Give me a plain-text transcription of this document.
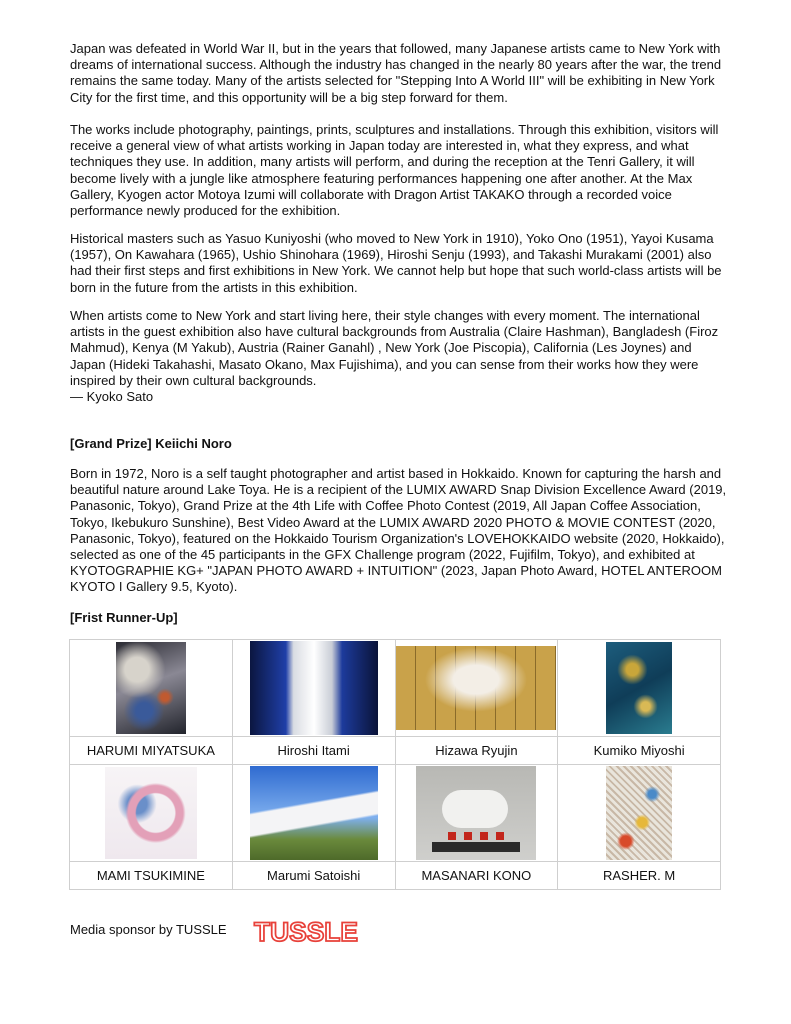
Japan was defeated in World War II, but in the years that followed, many Japanese artists came to New York with dreams of international success. Although the industry has changed in the nearly 80 years after the war, the trend remains the same today. Many of the artists selected for "Stepping Into A World III" will be exhibiting in New York City for the first time, and this opportunity will be a big step forward for them.

The works include photography, paintings, prints, sculptures and installations. Through this exhibition, visitors will receive a general view of what artists working in Japan today are interested in, what they express, and what techniques they use. In addition, many artists will perform, and during the reception at the Tenri Gallery, it will become lively with a jungle like atmosphere featuring performances happening one after another. At the Max Gallery, Kyogen actor Motoya Izumi will collaborate with Dragon Artist TAKAKO through a recorded voice performance newly produced for the exhibition.

Historical masters such as Yasuo Kuniyoshi (who moved to New York in 1910), Yoko Ono (1951), Yayoi Kusama (1957), On Kawahara (1965), Ushio Shinohara (1969), Hiroshi Senju (1993), and Takashi Murakami (2001) also had their first steps and first exhibitions in New York. We cannot help but hope that such world-class artists will be born in the future from the artists in this exhibition.

When artists come to New York and start living here, their style changes with every moment. The international artists in the guest exhibition also have cultural backgrounds from Australia (Claire Hashman), Bangladesh (Firoz Mahmud), Kenya (M Yakub), Austria (Rainer Ganahl) , New York (Joe Piscopia), California (Les Joynes) and Japan (Hideki Takahashi, Masato Okano, Max Fujishima), and you can sense from their works how they were inspired by their own cultural backgrounds.

— Kyoko Sato

[Grand Prize] Keiichi Noro

Born in 1972, Noro is a self taught photographer and artist based in Hokkaido. Known for capturing the harsh and beautiful nature around Lake Toya. He is a recipient of the LUMIX AWARD Snap Division Excellence Award (2019, Panasonic, Tokyo), Grand Prize at the 4th Life with Coffee Photo Contest (2019, All Japan Coffee Association, Tokyo, Ikebukuro Sunshine), Best Video Award at the LUMIX AWARD 2020 PHOTO & MOVIE CONTEST (2020, Panasonic, Tokyo), featured on the Hokkaido Tourism Organization's LOVEHOKKAIDO website (2020, Hokkaido), selected as one of the 45 participants in the GFX Challenge program (2022, Fujifilm, Tokyo), and exhibited at KYOTOGRAPHIE KG+ "JAPAN PHOTO AWARD + INTUITION" (2023, Japan Photo Award, HOTEL ANTEROOM KYOTO I Gallery 9.5, Kyoto).

[Frist Runner-Up]

HARUMI MIYATSUKA	Hiroshi Itami	Hizawa Ryujin	Kumiko Miyoshi

MAMI TSUKIMINE	Marumi Satoishi	MASANARI KONO	RASHER. M
Media sponsor by TUSSLE TUSSLE
